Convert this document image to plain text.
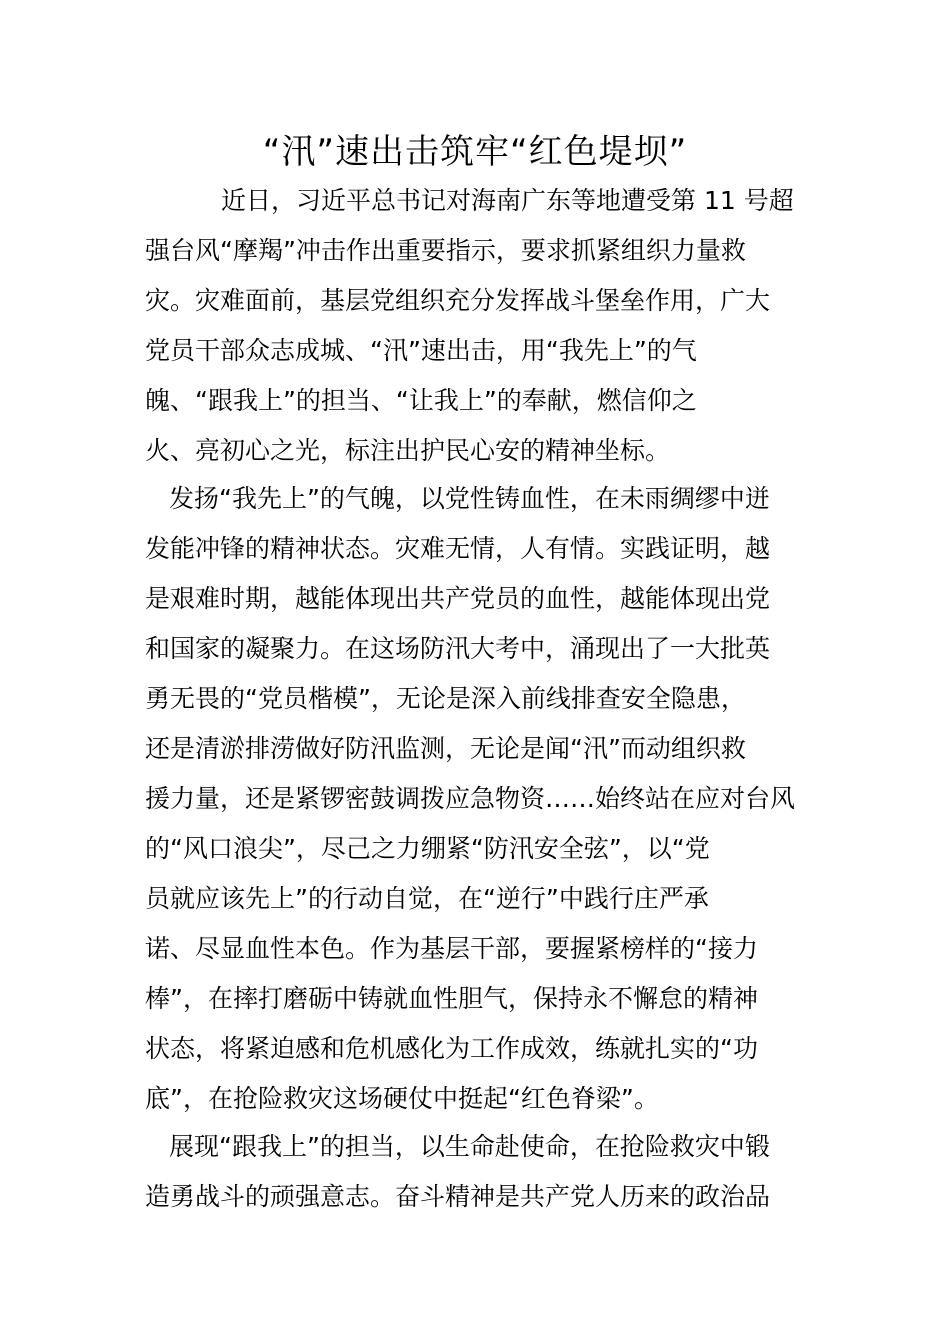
“汛”速出击筑牢“红色堤坝”

近日，习近平总书记对海南广东等地遭受第 11 号超
强台风“摩羯”冲击作出重要指示，要求抓紧组织力量救
灾。灾难面前，基层党组织充分发挥战斗堡垒作用，广大
党员干部众志成城、“汛”速出击，用“我先上”的气
魄、“跟我上”的担当、“让我上”的奉献，燃信仰之
火、亮初心之光，标注出护民心安的精神坐标。

发扬“我先上”的气魄，以党性铸血性，在未雨绸缪中迸
发能冲锋的精神状态。灾难无情，人有情。实践证明，越
是艰难时期，越能体现出共产党员的血性，越能体现出党
和国家的凝聚力。在这场防汛大考中，涌现出了一大批英
勇无畏的“党员楷模”，无论是深入前线排查安全隐患，
还是清淤排涝做好防汛监测，无论是闻“汛”而动组织救
援力量，还是紧锣密鼓调拨应急物资……始终站在应对台风
的“风口浪尖”，尽己之力绷紧“防汛安全弦”，以“党
员就应该先上”的行动自觉，在“逆行”中践行庄严承
诺、尽显血性本色。作为基层干部，要握紧榜样的“接力
棒”，在摔打磨砺中铸就血性胆气，保持永不懈怠的精神
状态，将紧迫感和危机感化为工作成效，练就扎实的“功
底”，在抢险救灾这场硬仗中挺起“红色脊梁”。

展现“跟我上”的担当，以生命赴使命，在抢险救灾中锻
造勇战斗的顽强意志。奋斗精神是共产党人历来的政治品
